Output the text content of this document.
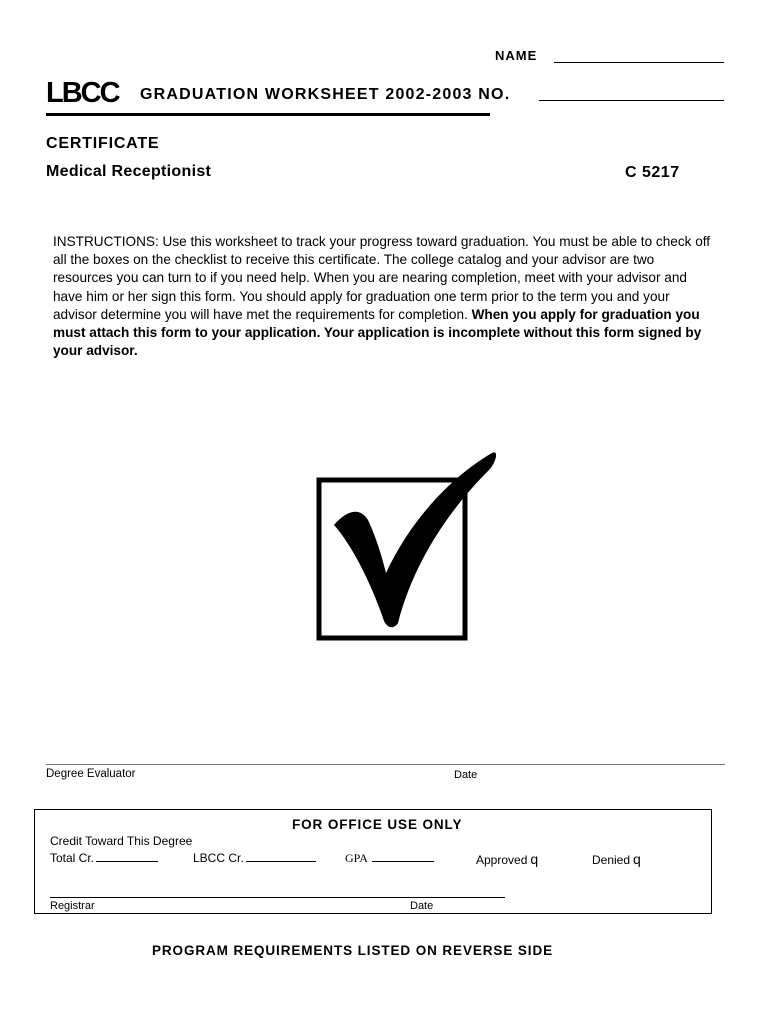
NAME
LBCC GRADUATION WORKSHEET 2002-2003 NO.
CERTIFICATE
Medical Receptionist	C 5217
INSTRUCTIONS: Use this worksheet to track your progress toward graduation. You must be able to check off all the boxes on the checklist to receive this certificate. The college catalog and your advisor are two resources you can turn to if you need help. When you are nearing completion, meet with your advisor and have him or her sign this form. You should apply for graduation one term prior to the term you and your advisor determine you will have met the requirements for completion. When you apply for graduation you must attach this form to your application. Your application is incomplete without this form signed by your advisor.
Degree Evaluator	Date
FOR OFFICE USE ONLY
Credit Toward This Degree
Total Cr.	LBCC Cr.	GPA	Approved q	Denied q
Registrar	Date
PROGRAM REQUIREMENTS LISTED ON REVERSE SIDE
